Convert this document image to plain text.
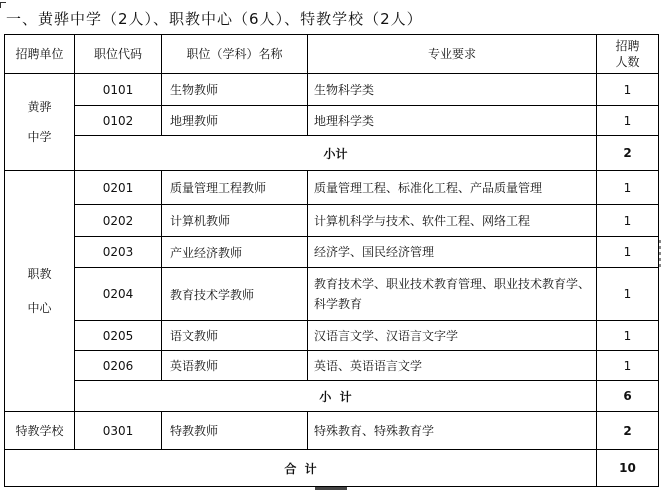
一、黄骅中学（2人）、职教中心（6人）、特教学校（2人）
招聘单位	职位代码	职位（学科）名称	专业要求	招聘
人数

黄骅
中学	0101	生物教师	生物科学类	1
	0102	地理教师	地理科学类	1
	小计			2

职教
中心	0201	质量管理工程教师	质量管理工程、标准化工程、产品质量管理	1
	0202	计算机教师	计算机科学与技术、软件工程、网络工程	1
	0203	产业经济教师	经济学、国民经济管理	1
	0204	教育技术学教师	教育技术学、职业技术教育管理、职业技术教育学、科学教育	1
	0205	语文教师	汉语言文学、汉语言文字学	1
	0206	英语教师	英语、英语语言文学	1
	小  计			6
特教学校	0301	特教教师	特殊教育、特殊教育学	2
合  计				10
